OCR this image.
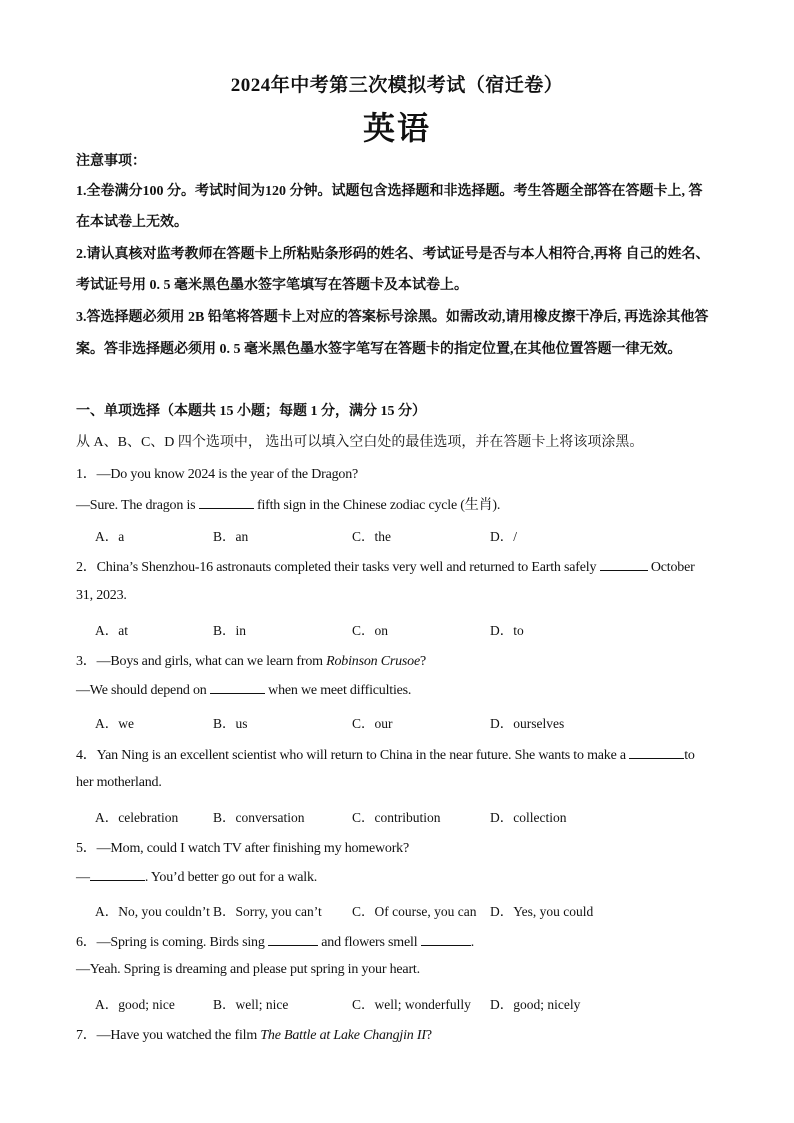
2024年中考第三次模拟考试（宿迁卷）
英语
注意事项：
1.全卷满分100 分。考试时间为120 分钟。试题包含选择题和非选择题。考生答题全部答在答题卡上, 答
在本试卷上无效。
2.请认真核对监考教师在答题卡上所粘贴条形码的姓名、考试证号是否与本人相符合,再将 自己的姓名、
考试证号用 0. 5 毫米黑色墨水签字笔填写在答题卡及本试卷上。
3.答选择题必须用 2B 铅笔将答题卡上对应的答案标号涂黑。如需改动,请用橡皮擦干净后, 再选涂其他答
案。答非选择题必须用 0. 5 毫米黑色墨水签字笔写在答题卡的指定位置,在其他位置答题一律无效。
一、单项选择（本题共 15 小题；每题 1 分，满分 15 分）
从 A、B、C、D 四个选项中， 选出可以填入空白处的最佳选项，并在答题卡上将该项涂黑。
1．—Do you know 2024 is the year of the Dragon?
—Sure. The dragon is	fifth sign in the Chinese zodiac cycle (生肖).
A．a	B．an	C．the	D．/
2．China’s Shenzhou-16 astronauts completed their tasks very well and returned to Earth safely	October
31, 2023.
A．at	B．in	C．on	D．to
3．—Boys and girls, what can we learn from Robinson Crusoe?
—We should depend on	when we meet difficulties.
A．we	B．us	C．our	D．ourselves
4．Yan Ning is an excellent scientist who will return to China in the near future. She wants to make a	to
her motherland.
A．celebration	B．conversation	C．contribution	D．collection
5．—Mom, could I watch TV after finishing my homework?
—	. You’d better go out for a walk.
A．No, you couldn’t B．Sorry, you can’t C．Of course, you can D．Yes, you could
6．—Spring is coming. Birds sing	and flowers smell	.
—Yeah. Spring is dreaming and please put spring in your heart.
A．good; nice	B．well; nice	C．well; wonderfully D．good; nicely
7．—Have you watched the film The Battle at Lake Changjin II?
